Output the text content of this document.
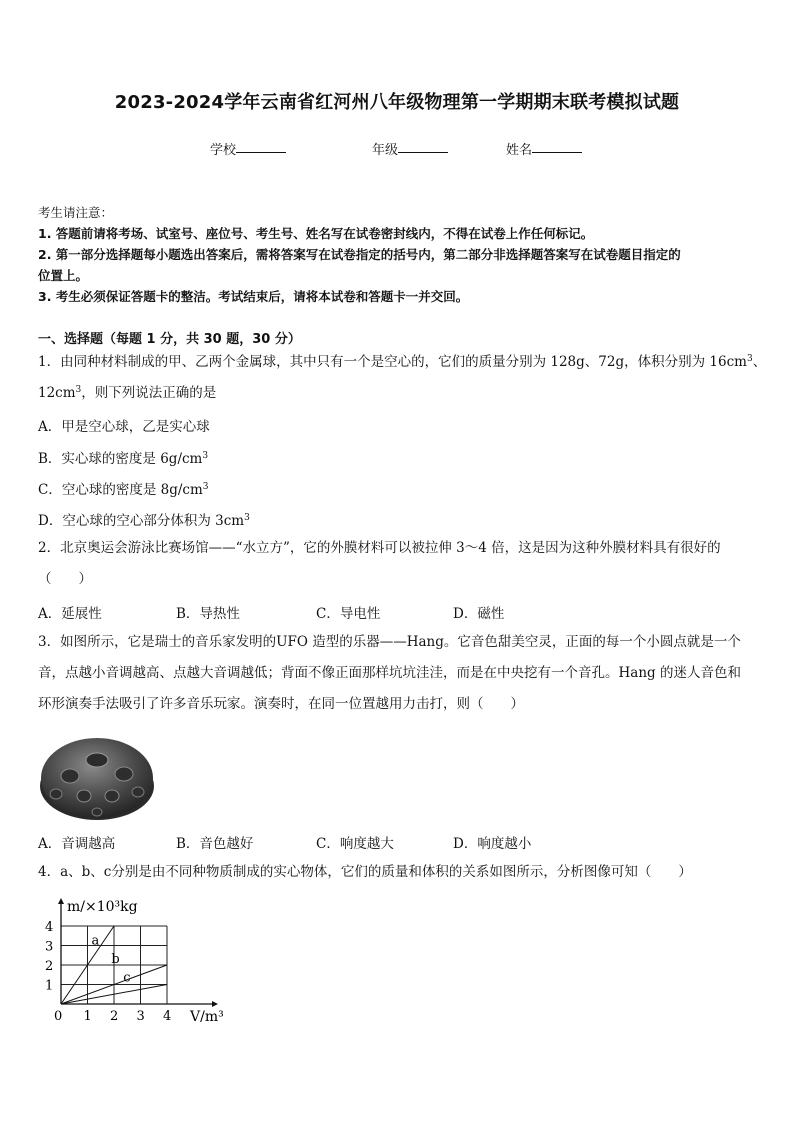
2023-2024学年云南省红河州八年级物理第一学期期末联考模拟试题
学校	年级	姓名
考生请注意：
1. 答题前请将考场、试室号、座位号、考生号、姓名写在试卷密封线内，不得在试卷上作任何标记。
2. 第一部分选择题每小题选出答案后，需将答案写在试卷指定的括号内，第二部分非选择题答案写在试卷题目指定的
位置上。
3. 考生必须保证答题卡的整洁。考试结束后，请将本试卷和答题卡一并交回。
一、选择题（每题 1 分，共 30 题，30 分）
1．由同种材料制成的甲、乙两个金属球，其中只有一个是空心的，它们的质量分别为 128g、72g，体积分别为 $16cm^3$、
$12cm^3$，则下列说法正确的是
A．甲是空心球，乙是实心球
B．实心球的密度是 $6g/cm^3$
C．空心球的密度是 $8g/cm^3$
D．空心球的空心部分体积为 $3cm^3$
2．北京奥运会游泳比赛场馆——“水立方”，它的外膜材料可以被拉伸 3～4 倍，这是因为这种外膜材料具有很好的
（　　）
A．延展性	B．导热性	C．导电性	D．磁性
3．如图所示，它是瑞士的音乐家发明的UFO 造型的乐器——Hang。它音色甜美空灵，正面的每一个小圆点就是一个
音，点越小音调越高、点越大音调越低；背面不像正面那样坑坑洼洼，而是在中央挖有一个音孔。Hang 的迷人音色和
环形演奏手法吸引了许多音乐玩家。演奏时，在同一位置越用力击打，则（　　）
A．音调越高	B．音色越好	C．响度越大	D．响度越小
4．a、b、c分别是由不同种物质制成的实心物体，它们的质量和体积的关系如图所示，分析图像可知（　　）
a
b
c
1 2 3 4
1
2
3
4
0
m/×10³kg
V/m³
